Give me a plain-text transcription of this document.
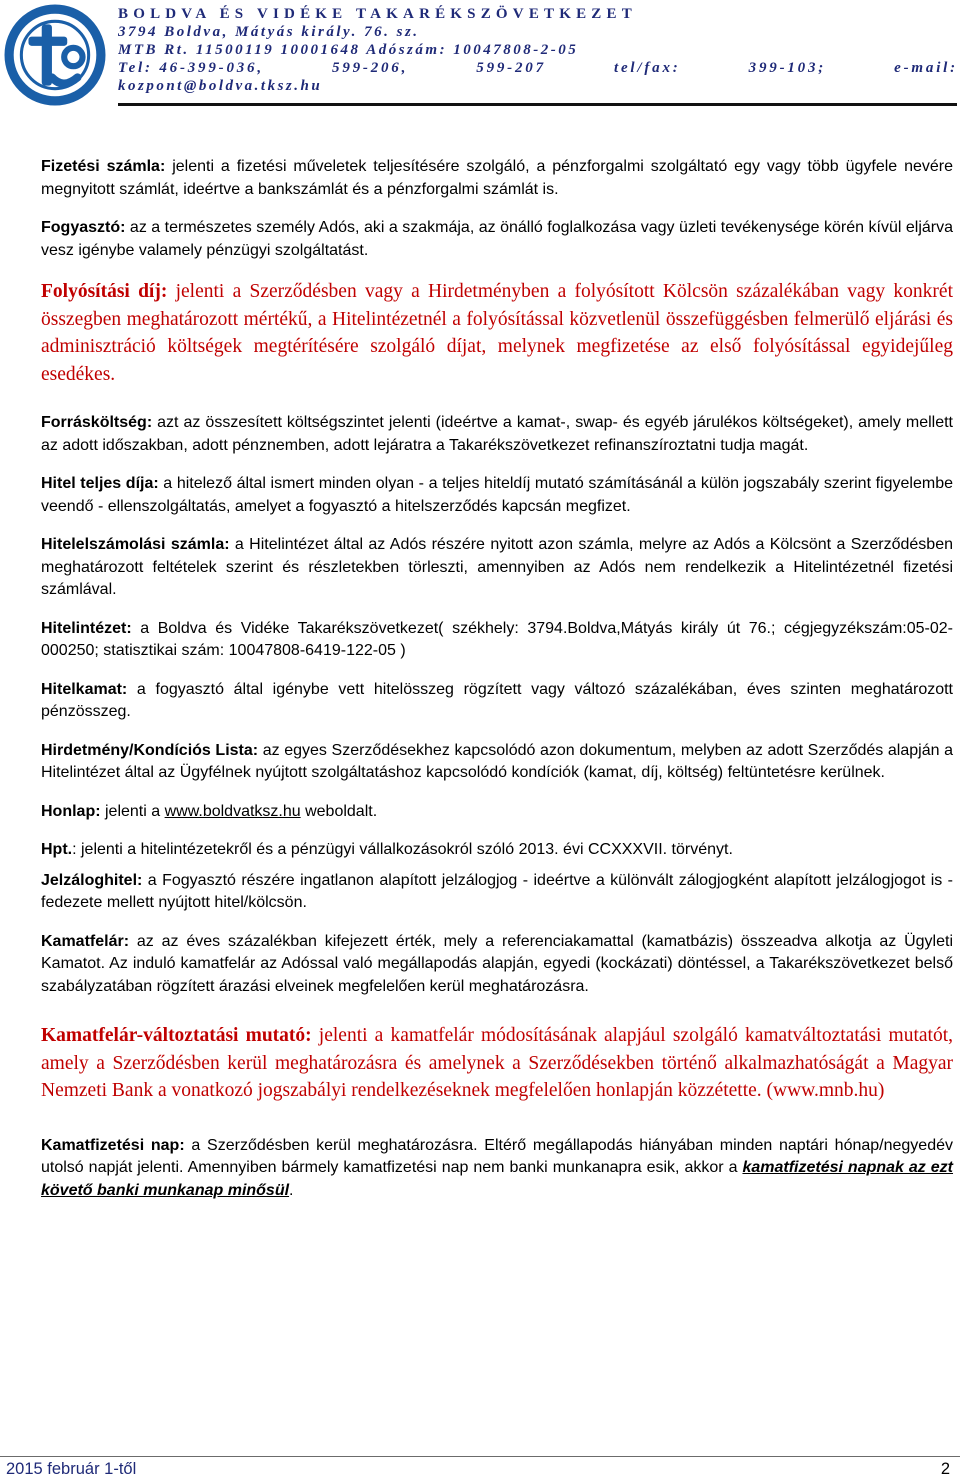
BOLDVA ÉS VIDÉKE TAKARÉKSZÖVETKEZET
3794 Boldva, Mátyás király. 76. sz.
MTB Rt. 11500119 10001648 Adószám: 10047808-2-05
Tel: 46-399-036,	599-206,	599-207	tel/fax:	399-103;	e-mail:
kozpont@boldva.tksz.hu

Fizetési számla: jelenti a fizetési műveletek teljesítésére szolgáló, a pénzforgalmi szolgáltató egy vagy több ügyfele nevére megnyitott számlát, ideértve a bankszámlát és a pénzforgalmi számlát is.

Fogyasztó: az a természetes személy Adós, aki a szakmája, az önálló foglalkozása vagy üzleti tevékenysége körén kívül eljárva vesz igénybe valamely pénzügyi szolgáltatást.

Folyósítási díj: jelenti a Szerződésben vagy a Hirdetményben a folyósított Kölcsön százalékában vagy konkrét összegben meghatározott mértékű, a Hitelintézetnél a folyósítással közvetlenül összefüggésben felmerülő eljárási és adminisztráció költségek megtérítésére szolgáló díjat, melynek megfizetése az első folyósítással egyidejűleg esedékes.

Forrásköltség: azt az összesített költségszintet jelenti (ideértve a kamat-, swap- és egyéb járulékos költségeket), amely mellett az adott időszakban, adott pénznemben, adott lejáratra a Takarékszövetkezet refinanszíroztatni tudja magát.

Hitel teljes díja: a hitelező által ismert minden olyan - a teljes hiteldíj mutató számításánál a külön jogszabály szerint figyelembe veendő - ellenszolgáltatás, amelyet a fogyasztó a hitelszerződés kapcsán megfizet.

Hitelelszámolási számla: a Hitelintézet által az Adós részére nyitott azon számla, melyre az Adós a Kölcsönt a Szerződésben meghatározott feltételek szerint és részletekben törleszti, amennyiben az Adós nem rendelkezik a Hitelintézetnél fizetési számlával.

Hitelintézet: a Boldva és Vidéke Takarékszövetkezet( székhely: 3794.Boldva,Mátyás király út 76.; cégjegyzékszám:05-02-000250; statisztikai szám: 10047808-6419-122-05 )

Hitelkamat: a fogyasztó által igénybe vett hitelösszeg rögzített vagy változó százalékában, éves szinten meghatározott pénzösszeg.

Hirdetmény/Kondíciós Lista: az egyes Szerződésekhez kapcsolódó azon dokumentum, melyben az adott Szerződés alapján a Hitelintézet által az Ügyfélnek nyújtott szolgáltatáshoz kapcsolódó kondíciók (kamat, díj, költség) feltüntetésre kerülnek.

Honlap: jelenti a www.boldvatksz.hu weboldalt.

Hpt.: jelenti a hitelintézetekről és a pénzügyi vállalkozásokról szóló 2013. évi CCXXXVII. törvényt.

Jelzáloghitel: a Fogyasztó részére ingatlanon alapított jelzálogjog - ideértve a különvált zálogjogként alapított jelzálogjogot is - fedezete mellett nyújtott hitel/kölcsön.

Kamatfelár: az az éves százalékban kifejezett érték, mely a referenciakamattal (kamatbázis) összeadva alkotja az Ügyleti Kamatot. Az induló kamatfelár az Adóssal való megállapodás alapján, egyedi (kockázati) döntéssel, a Takarékszövetkezet belső szabályzatában rögzített árazási elveinek megfelelően kerül meghatározásra.

Kamatfelár-változtatási mutató: jelenti a kamatfelár módosításának alapjául szolgáló kamatváltoztatási mutatót, amely a Szerződésben kerül meghatározásra és amelynek a Szerződésekben történő alkalmazhatóságát a Magyar Nemzeti Bank a vonatkozó jogszabályi rendelkezéseknek megfelelően honlapján közzétette. (www.mnb.hu)

Kamatfizetési nap: a Szerződésben kerül meghatározásra. Eltérő megállapodás hiányában minden naptári hónap/negyedév utolsó napját jelenti. Amennyiben bármely kamatfizetési nap nem banki munkanapra esik, akkor a kamatfizetési napnak az ezt követő banki munkanap minősül.

2015 február 1-től	2
